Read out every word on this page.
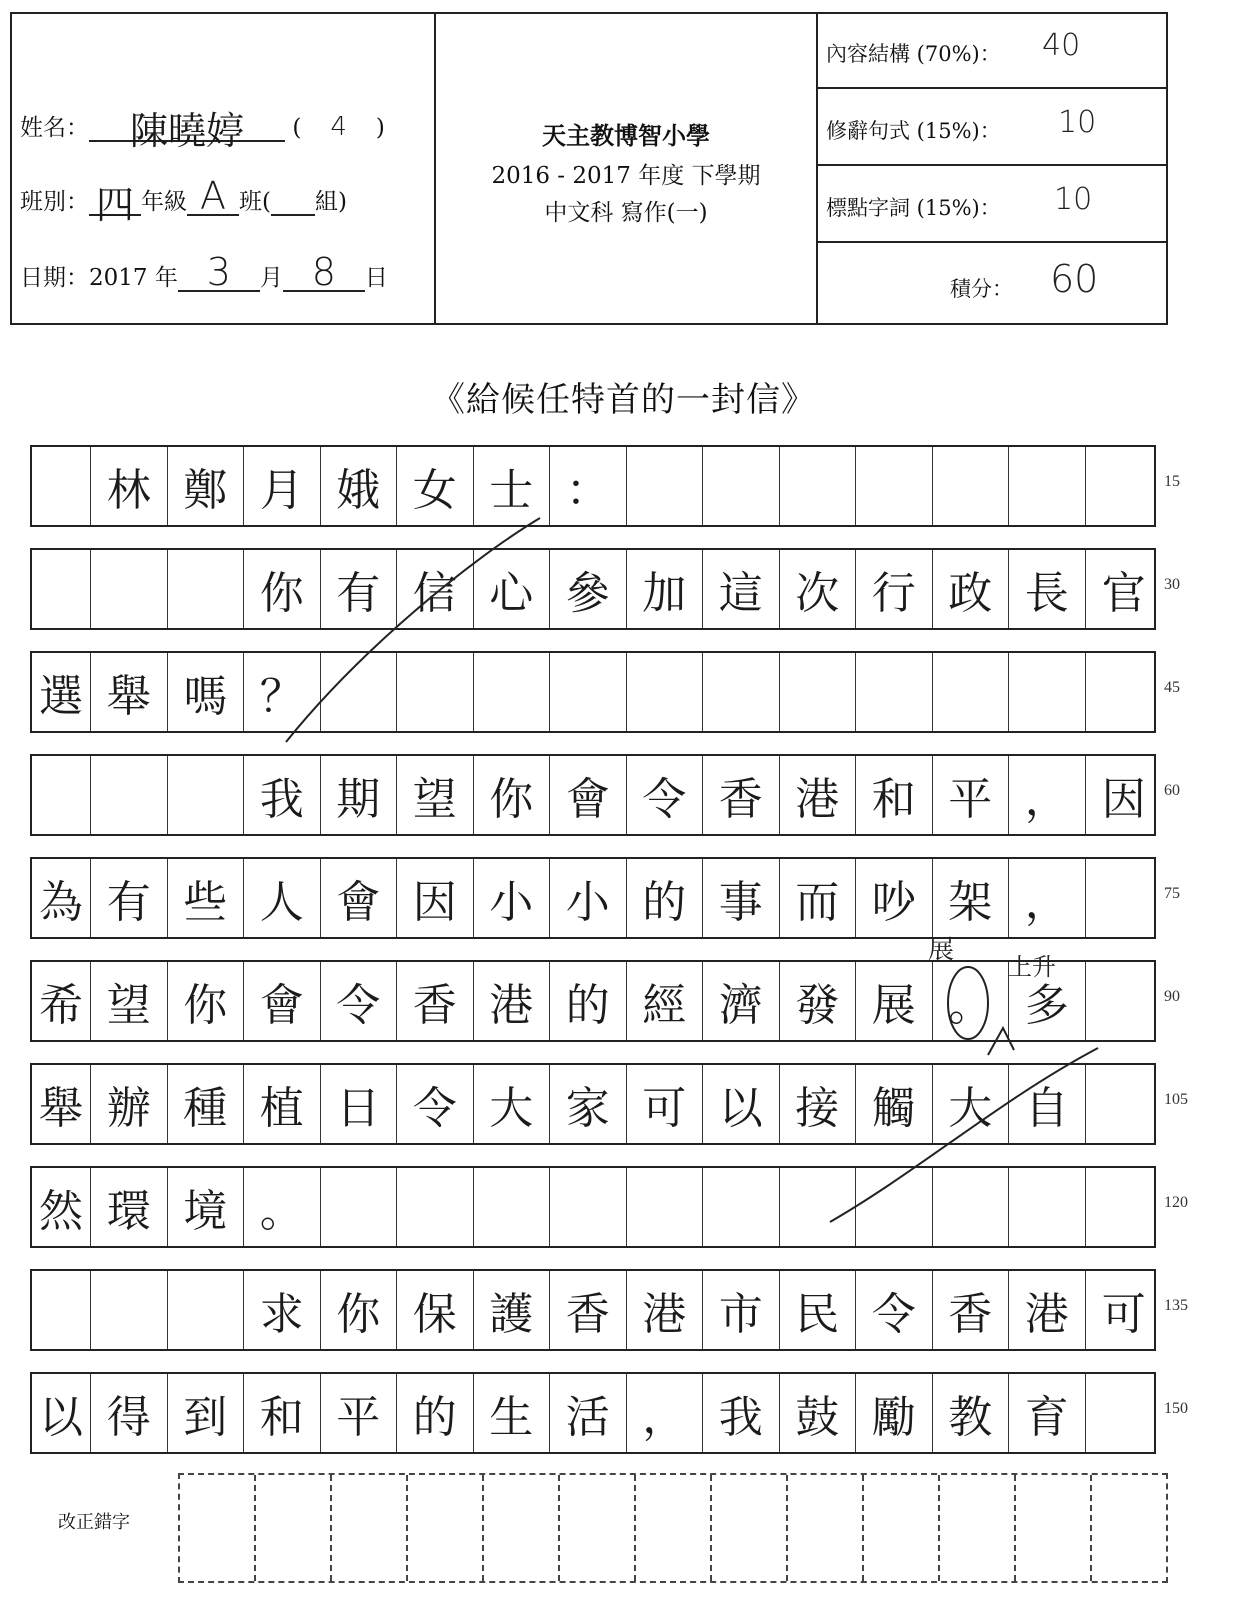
姓名： 陳曉婷 ( 4 )
班別： 四 年級 A 班( 組)
日期：2017 年 3 月 8 日
天主教博智小學
2016 - 2017 年度 下學期
中文科 寫作(一)
內容結構 (70%)： 40
修辭句式 (15%)： 10
標點字詞 (15%)： 10
積分： 60
《給候任特首的一封信》
林 鄭 月 娥 女 士 ：	15
你 有 信 心 參 加 這 次 行 政 長 官	30
選 舉 嗎 ？	45
我 期 望 你 會 令 香 港 和 平 ， 因	60
為 有 些 人 會 因 小 小 的 事 而 吵 架 ，	75
希 望 你 會 令 香 港 的 經 濟 發 展 。 多	90
舉 辦 種 植 日 令 大 家 可 以 接 觸 大 自	105
然 環 境 。	120
求 你 保 護 香 港 市 民 令 香 港 可	135
以 得 到 和 平 的 生 活 ， 我 鼓 勵 教 育	150
改正錯字
展
上升
